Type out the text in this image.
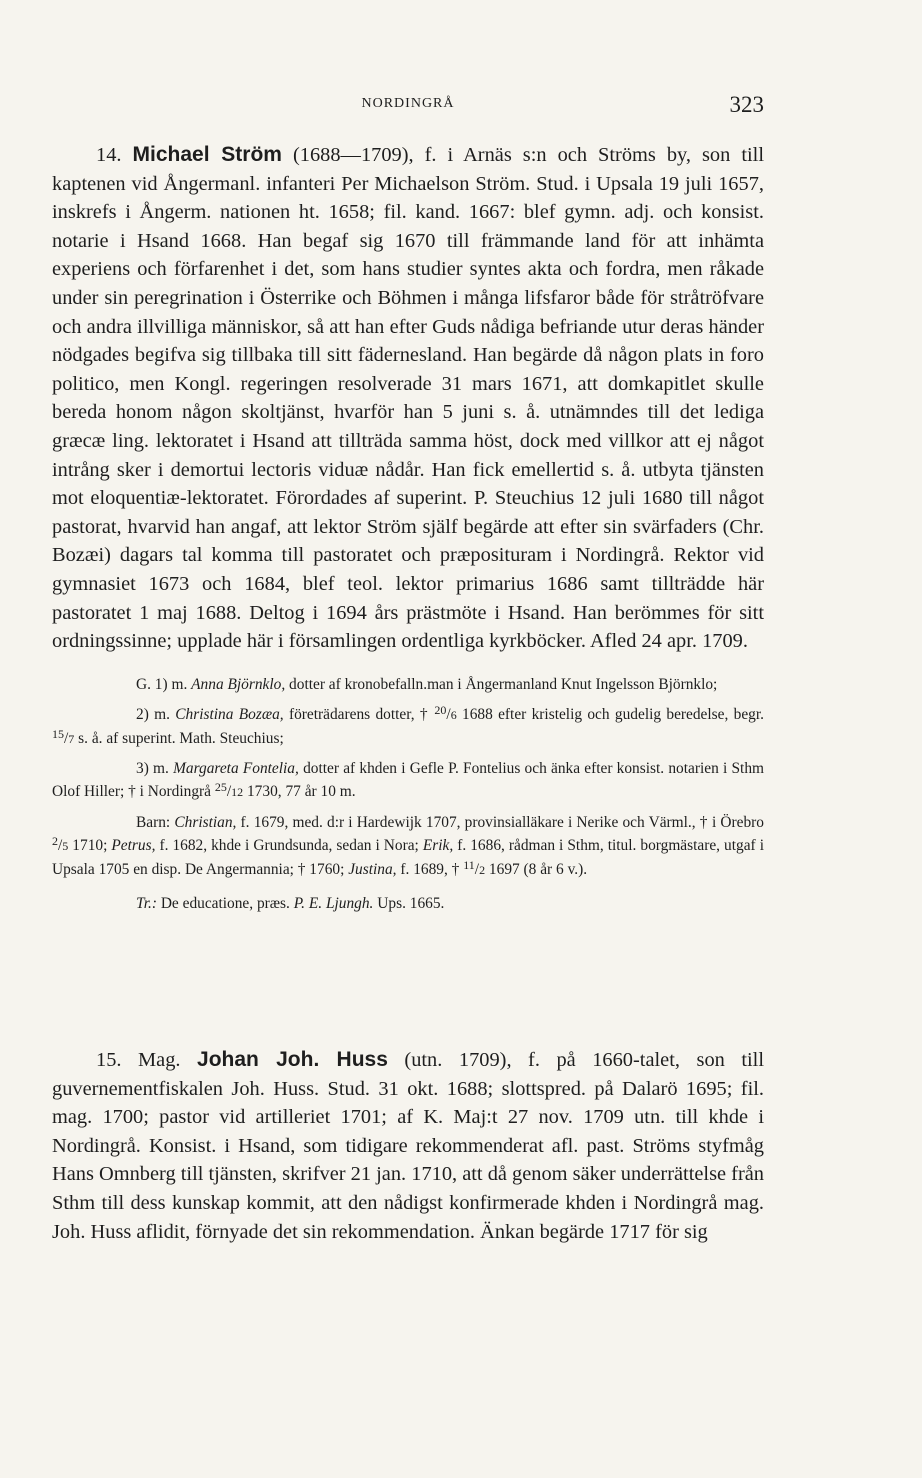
NORDINGRÅ	323

14. Michael Ström (1688—1709), f. i Arnäs s:n och Ströms by, son till kaptenen vid Ångermanl. infanteri Per Michaelson Ström. Stud. i Upsala 19 juli 1657, inskrefs i Ångerm. nationen ht. 1658; fil. kand. 1667: blef gymn. adj. och konsist. notarie i Hsand 1668. Han begaf sig 1670 till främmande land för att inhämta experiens och förfarenhet i det, som hans studier syntes akta och fordra, men råkade under sin peregrination i Österrike och Böhmen i många lifsfaror både för stråtröfvare och andra illvilliga människor, så att han efter Guds nådiga befriande utur deras händer nödgades begifva sig tillbaka till sitt fädernesland. Han begärde då någon plats in foro politico, men Kongl. regeringen resolverade 31 mars 1671, att domkapitlet skulle bereda honom någon skoltjänst, hvarför han 5 juni s. å. utnämndes till det lediga græcæ ling. lektoratet i Hsand att tillträda samma höst, dock med villkor att ej något intrång sker i demortui lectoris viduæ nådår. Han fick emellertid s. å. utbyta tjänsten mot eloquentiæ-lektoratet. Förordades af superint. P. Steuchius 12 juli 1680 till något pastorat, hvarvid han angaf, att lektor Ström själf begärde att efter sin svärfaders (Chr. Bozæi) dagars tal komma till pastoratet och præposituram i Nordingrå. Rektor vid gymnasiet 1673 och 1684, blef teol. lektor primarius 1686 samt tillträdde här pastoratet 1 maj 1688. Deltog i 1694 års prästmöte i Hsand. Han berömmes för sitt ordningssinne; upplade här i församlingen ordentliga kyrkböcker. Afled 24 apr. 1709.

G. 1) m. Anna Björnklo, dotter af kronobefalln.man i Ångermanland Knut Ingelsson Björnklo;

2) m. Christina Bozæa, företrädarens dotter, † $^{20}$/6 1688 efter kristelig och gudelig beredelse, begr. $^{15}$/7 s. å. af superint. Math. Steuchius;

3) m. Margareta Fontelia, dotter af khden i Gefle P. Fontelius och änka efter konsist. notarien i Sthm Olof Hiller; † i Nordingrå $^{25}$/12 1730, 77 år 10 m.

Barn: Christian, f. 1679, med. d:r i Hardewijk 1707, provinsialläkare i Nerike och Värml., † i Örebro $^2$/5 1710; Petrus, f. 1682, khde i Grundsunda, sedan i Nora; Erik, f. 1686, rådman i Sthm, titul. borgmästare, utgaf i Upsala 1705 en disp. De Angermannia; † 1760; Justina, f. 1689, † $^{11}$/2 1697 (8 år 6 v.).

Tr.: De educatione, præs. P. E. Ljungh. Ups. 1665.

15. Mag. Johan Joh. Huss (utn. 1709), f. på 1660-talet, son till guvernementfiskalen Joh. Huss. Stud. 31 okt. 1688; slottspred. på Dalarö 1695; fil. mag. 1700; pastor vid artilleriet 1701; af K. Maj:t 27 nov. 1709 utn. till khde i Nordingrå. Konsist. i Hsand, som tidigare rekommenderat afl. past. Ströms styfmåg Hans Omnberg till tjänsten, skrifver 21 jan. 1710, att då genom säker underrättelse från Sthm till dess kunskap kommit, att den nådigst konfirmerade khden i Nordingrå mag. Joh. Huss aflidit, förnyade det sin rekommendation. Änkan begärde 1717 för sig
